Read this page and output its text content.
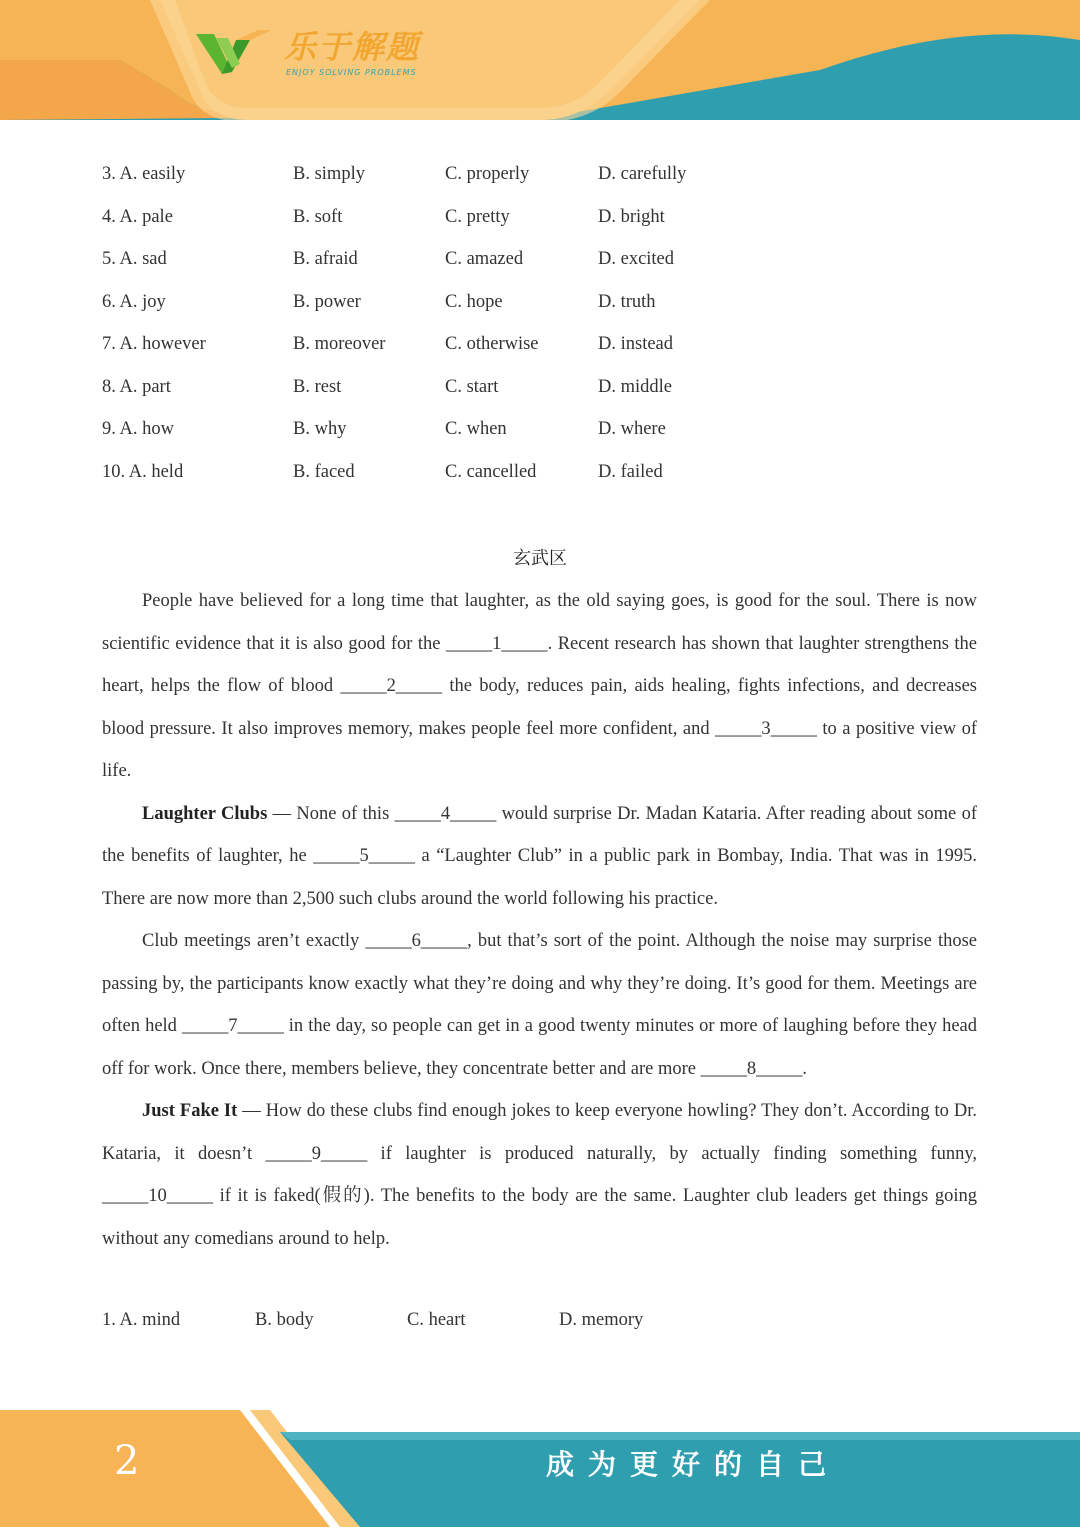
乐于解题
ENJOY SOLVING PROBLEMS
3. A. easily	B. simply	C. properly	D. carefully
4. A. pale	B. soft	C. pretty	D. bright
5. A. sad	B. afraid	C. amazed	D. excited
6. A. joy	B. power	C. hope	D. truth
7. A. however	B. moreover	C. otherwise	D. instead
8. A. part	B. rest	C. start	D. middle
9. A. how	B. why	C. when	D. where
10. A. held	B. faced	C. cancelled	D. failed
玄武区

People have believed for a long time that laughter, as the old saying goes, is good for the soul. There is now scientific evidence that it is also good for the _____1_____. Recent research has shown that laughter strengthens the heart, helps the flow of blood _____2_____ the body, reduces pain, aids healing, fights infections, and decreases blood pressure. It also improves memory, makes people feel more confident, and _____3_____ to a positive view of life.

Laughter Clubs — None of this _____4_____ would surprise Dr. Madan Kataria. After reading about some of the benefits of laughter, he _____5_____ a “Laughter Club” in a public park in Bombay, India. That was in 1995. There are now more than 2,500 such clubs around the world following his practice.

Club meetings aren’t exactly _____6_____, but that’s sort of the point. Although the noise may surprise those passing by, the participants know exactly what they’re doing and why they’re doing. It’s good for them. Meetings are often held _____7_____ in the day, so people can get in a good twenty minutes or more of laughing before they head off for work. Once there, members believe, they concentrate better and are more _____8_____.

Just Fake It — How do these clubs find enough jokes to keep everyone howling? They don’t. According to Dr. Kataria, it doesn’t _____9_____ if laughter is produced naturally, by actually finding something funny, _____10_____ if it is faked(假的). The benefits to the body are the same. Laughter club leaders get things going without any comedians around to help.

1. A. mind	B. body	C. heart	D. memory
2	成为更好的自己
